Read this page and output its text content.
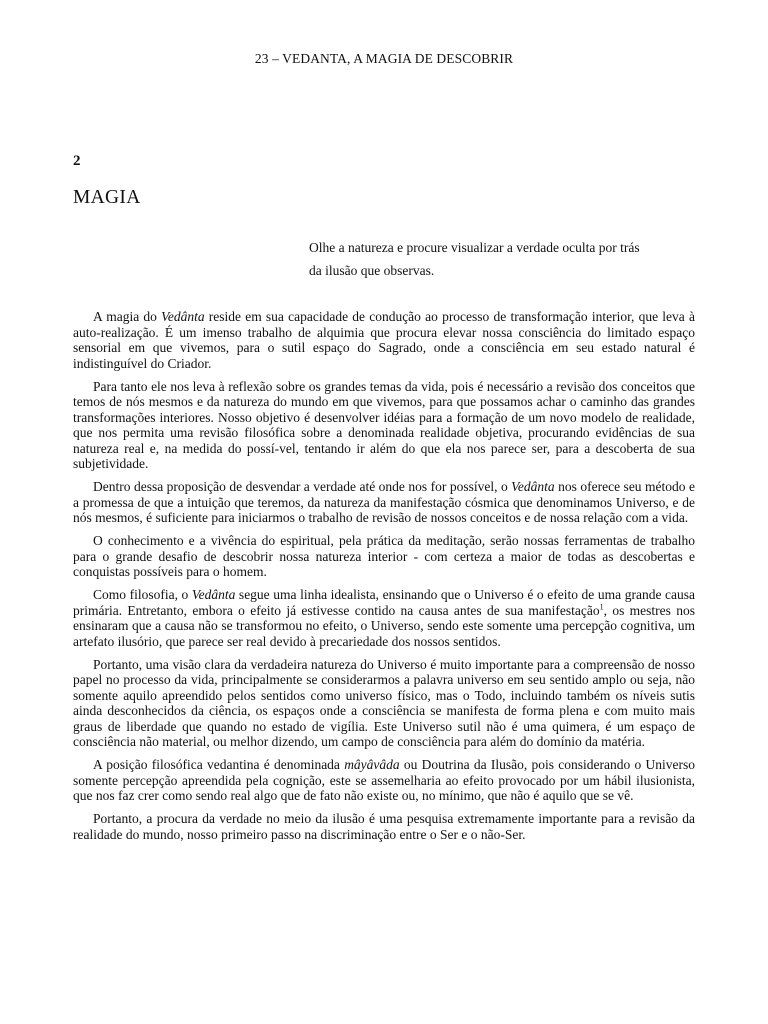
23 – VEDANTA, A MAGIA DE DESCOBRIR
2
MAGIA
Olhe a natureza e procure visualizar a verdade oculta por trás
da ilusão que observas.

A magia do Vedânta reside em sua capacidade de condução ao processo de transformação interior, que leva à auto-realização. É um imenso trabalho de alquimia que procura elevar nossa consciência do limitado espaço sensorial em que vivemos, para o sutil espaço do Sagrado, onde a consciência em seu estado natural é indistinguível do Criador.

Para tanto ele nos leva à reflexão sobre os grandes temas da vida, pois é necessário a revisão dos conceitos que temos de nós mesmos e da natureza do mundo em que vivemos, para que possamos achar o caminho das grandes transformações interiores. Nosso objetivo é desenvolver idéias para a formação de um novo modelo de realidade, que nos permita uma revisão filosófica sobre a denominada realidade objetiva, procurando evidências de sua natureza real e, na medida do possí-vel, tentando ir além do que ela nos parece ser, para a descoberta de sua subjetividade.

Dentro dessa proposição de desvendar a verdade até onde nos for possível, o Vedânta nos oferece seu método e a promessa de que a intuição que teremos, da natureza da manifestação cósmica que denominamos Universo, e de nós mesmos, é suficiente para iniciarmos o trabalho de revisão de nossos conceitos e de nossa relação com a vida.

O conhecimento e a vivência do espiritual, pela prática da meditação, serão nossas ferramentas de trabalho para o grande desafio de descobrir nossa natureza interior - com certeza a maior de todas as descobertas e conquistas possíveis para o homem.

Como filosofia, o Vedânta segue uma linha idealista, ensinando que o Universo é o efeito de uma grande causa primária. Entretanto, embora o efeito já estivesse contido na causa antes de sua manifestação$^1$, os mestres nos ensinaram que a causa não se transformou no efeito, o Universo, sendo este somente uma percepção cognitiva, um artefato ilusório, que parece ser real devido à precariedade dos nossos sentidos.

Portanto, uma visão clara da verdadeira natureza do Universo é muito importante para a compreensão de nosso papel no processo da vida, principalmente se considerarmos a palavra universo em seu sentido amplo ou seja, não somente aquilo apreendido pelos sentidos como universo físico, mas o Todo, incluindo também os níveis sutis ainda desconhecidos da ciência, os espaços onde a consciência se manifesta de forma plena e com muito mais graus de liberdade que quando no estado de vigília. Este Universo sutil não é uma quimera, é um espaço de consciência não material, ou melhor dizendo, um campo de consciência para além do domínio da matéria.

A posição filosófica vedantina é denominada mâyâvâda ou Doutrina da Ilusão, pois considerando o Universo somente percepção apreendida pela cognição, este se assemelharia ao efeito provocado por um hábil ilusionista, que nos faz crer como sendo real algo que de fato não existe ou, no mínimo, que não é aquilo que se vê.

Portanto, a procura da verdade no meio da ilusão é uma pesquisa extremamente importante para a revisão da realidade do mundo, nosso primeiro passo na discriminação entre o Ser e o não-Ser.
